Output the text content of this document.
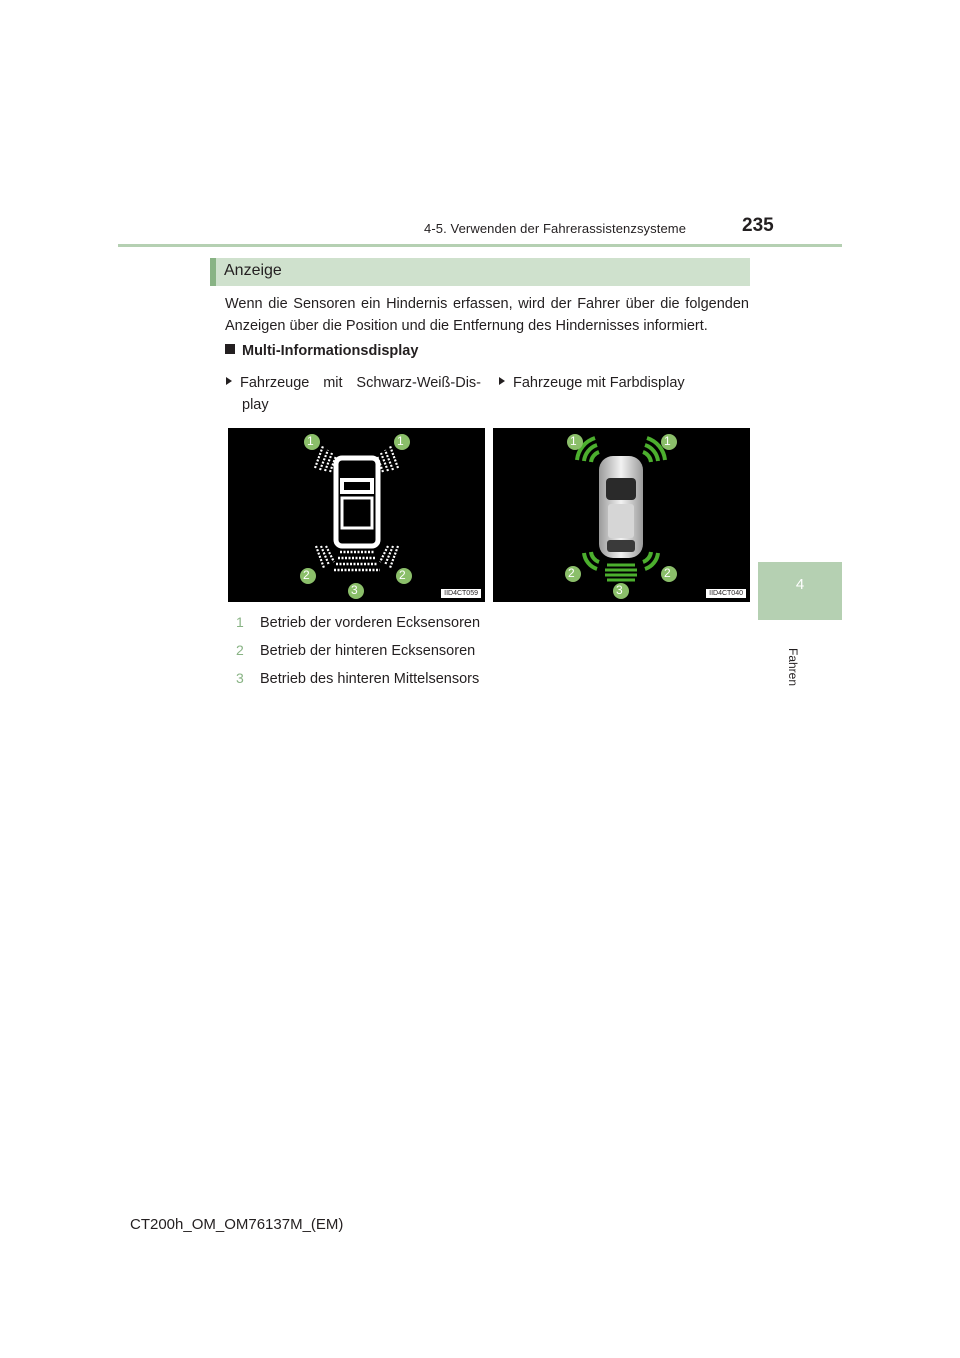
4-5. Verwenden der Fahrerassistenzsysteme	235
4
Fahren
Anzeige
Wenn die Sensoren ein Hindernis erfassen, wird der Fahrer über die folgenden Anzeigen über die Position und die Entfernung des Hindernisses informiert.
Multi-Informationsdisplay
Fahrzeuge mit Schwarz-Weiß-Dis-
play
Fahrzeuge mit Farbdisplay
1	1
2	2
3	IID4CT059
1	1
2	2
3	IID4CT040
1 Betrieb der vorderen Ecksensoren
2 Betrieb der hinteren Ecksensoren
3 Betrieb des hinteren Mittelsensors
CT200h_OM_OM76137M_(EM)
